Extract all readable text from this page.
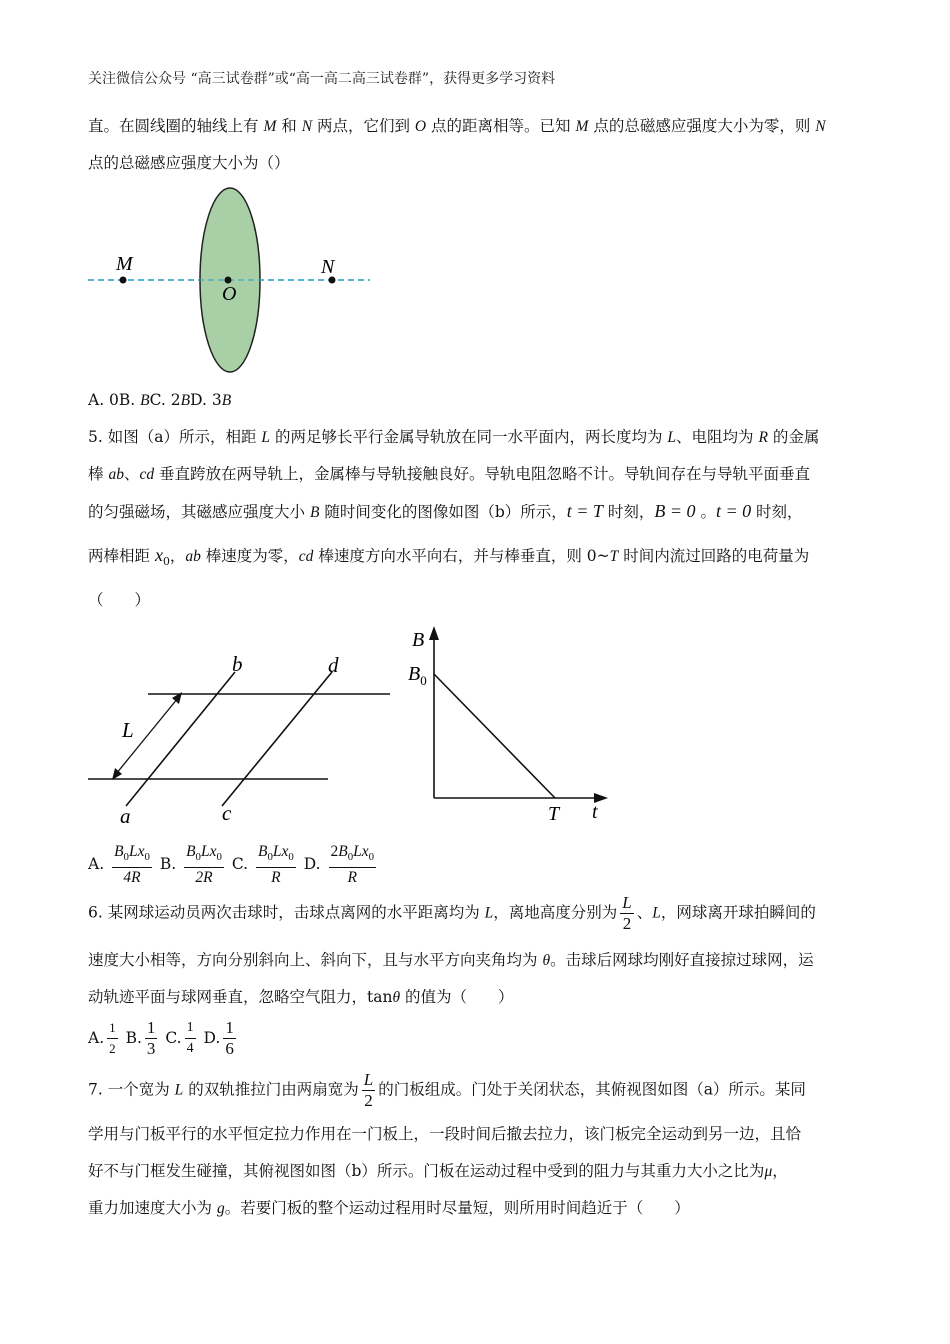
关注微信公众号 “高三试卷群”或“高一高二高三试卷群”，获得更多学习资料
直。在圆线圈的轴线上有 M 和 N 两点，它们到 O 点的距离相等。已知 M 点的总磁感应强度大小为零，则 N
点的总磁感应强度大小为（）
M
O
N
A. 0B. BC. 2BD. 3B
5. 如图（a）所示，相距 L 的两足够长平行金属导轨放在同一水平面内，两长度均为 L、电阻均为 R 的金属
棒 ab、cd 垂直跨放在两导轨上，金属棒与导轨接触良好。导轨电阻忽略不计。导轨间存在与导轨平面垂直
的匀强磁场，其磁感应强度大小 B 随时间变化的图像如图（b）所示，t = T 时刻，B = 0 。t = 0 时刻，
两棒相距 $x_0$，ab 棒速度为零，cd 棒速度方向水平向右，并与棒垂直，则 0~T 时间内流过回路的电荷量为
（　　）
b	d
L
a	c
B
$B_0$
T t
A. $\frac{B_0Lx_0}{4R} B$. $\frac{B_0Lx_0}{2R} C$. $\frac{B_0Lx_0}{R} D$. $\frac{2B_0Lx_0}{R}$
6. 某网球运动员两次击球时，击球点离网的水平距离均为 L，离地高度分别为 $\frac{L}{2}$ 、L，网球离开球拍瞬间的
速度大小相等，方向分别斜向上、斜向下，且与水平方向夹角均为 θ。击球后网球均刚好直接掠过球网，运
动轨迹平面与球网垂直，忽略空气阻力，tanθ 的值为（　　）
A. $\frac{1}{2} B$. $\frac{1}{3} C$. $\frac{1}{4} D$. $\frac{1}{6}$
7. 一个宽为 L 的双轨推拉门由两扇宽为 $\frac{L}{2}$ 的门板组成。门处于关闭状态，其俯视图如图（a）所示。某同
学用与门板平行的水平恒定拉力作用在一门板上，一段时间后撤去拉力，该门板完全运动到另一边，且恰
好不与门框发生碰撞，其俯视图如图（b）所示。门板在运动过程中受到的阻力与其重力大小之比为μ，
重力加速度大小为 g。若要门板的整个运动过程用时尽量短，则所用时间趋近于（　　）
